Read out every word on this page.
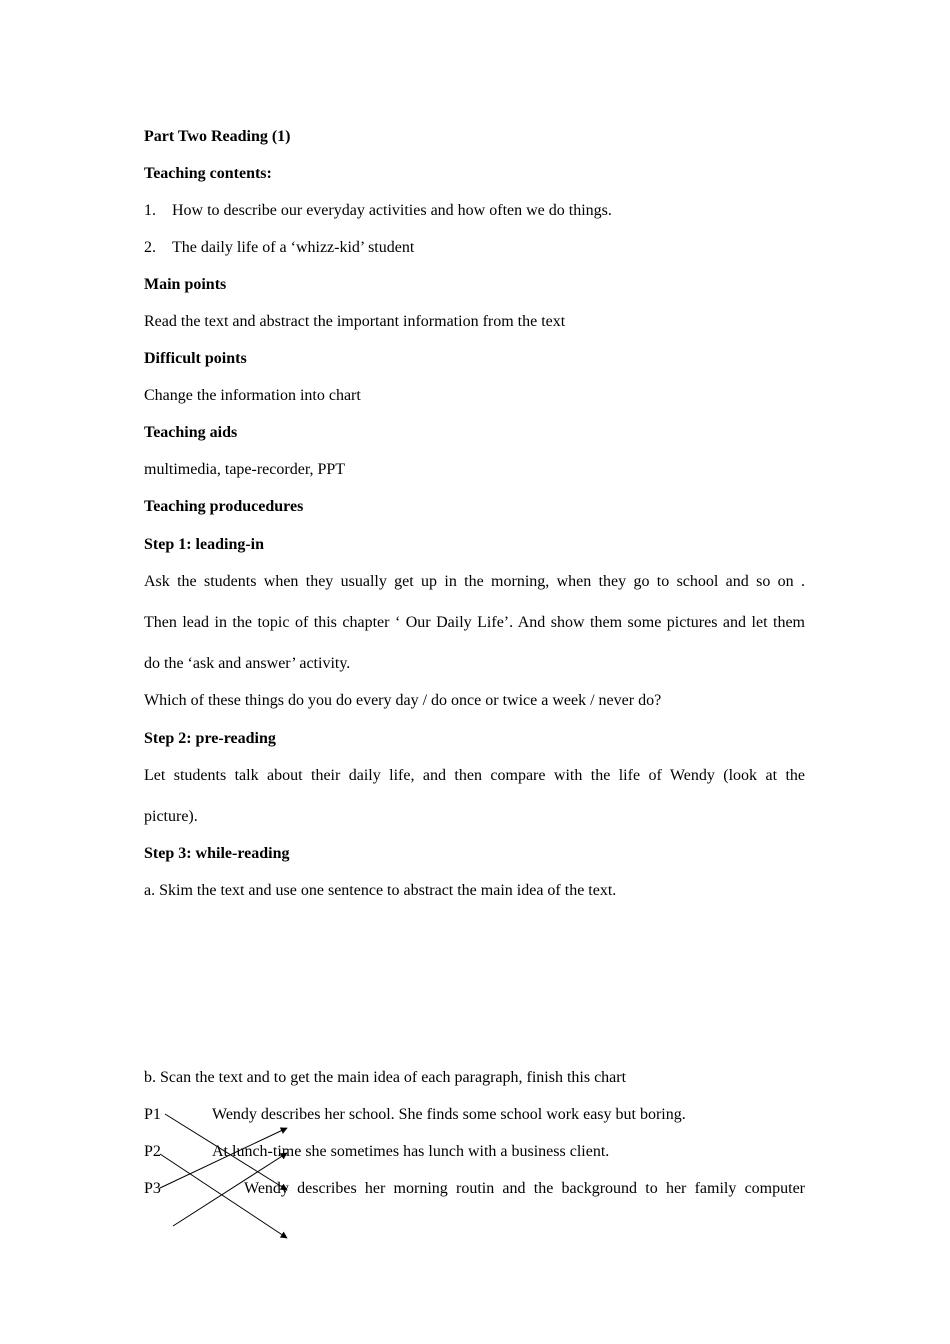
Part Two Reading (1)
Teaching contents:
1. How to describe our everyday activities and how often we do things.
2. The daily life of a ‘whizz-kid’ student
Main points
Read the text and abstract the important information from the text
Difficult points
Change the information into chart
Teaching aids
multimedia, tape-recorder, PPT
Teaching producedures
Step 1: leading-in
Ask the students when they usually get up in the morning, when they go to school and so on .
Then lead in the topic of this chapter ‘ Our Daily Life’. And show them some pictures and let them
do the ‘ask and answer’ activity.
Which of these things do you do every day / do once or twice a week / never do?
Step 2: pre-reading
Let students talk about their daily life, and then compare with the life of Wendy (look at the
picture).
Step 3: while-reading
a. Skim the text and use one sentence to abstract the main idea of the text.
b. Scan the text and to get the main idea of each paragraph, finish this chart
P1
P2
P3
Wendy describes her school. She finds some school work easy but boring.
At lunch-time she sometimes has lunch with a business client.
Wendy describes her morning routin and the background to her family computer
